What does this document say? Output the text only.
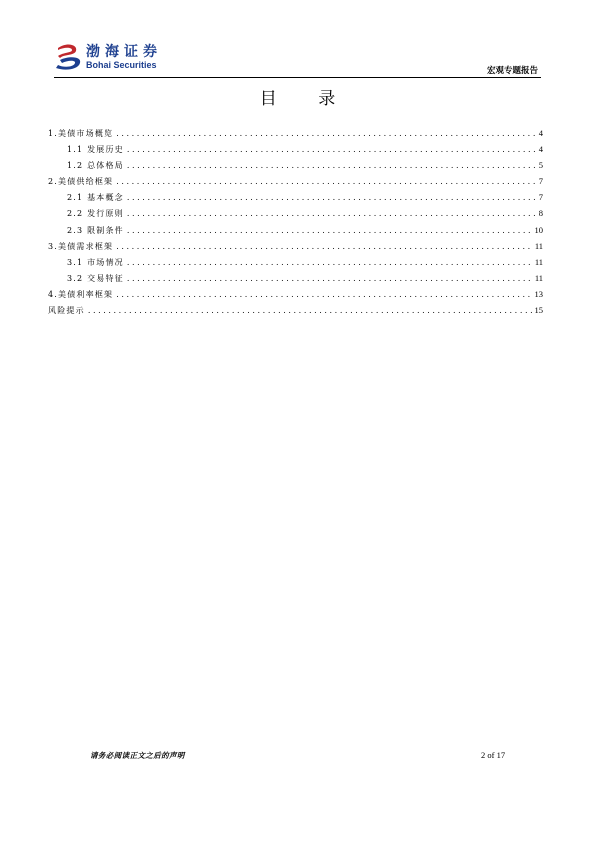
渤海证券
Bohai Securities
宏观专题报告
目 录
1.美债市场概览 .....	4
1.1 发展历史 .....	4
1.2 总体格局 .....	5
2.美债供给框架 .....	7
2.1 基本概念 .....	7
2.2 发行原则 .....	8
2.3 限制条件 .....	10
3.美债需求框架 .....	11
3.1 市场情况 .....	11
3.2 交易特征 .....	11
4.美债利率框架 .....	13
风险提示 .....	15
请务必阅读正文之后的声明	2 of 17
